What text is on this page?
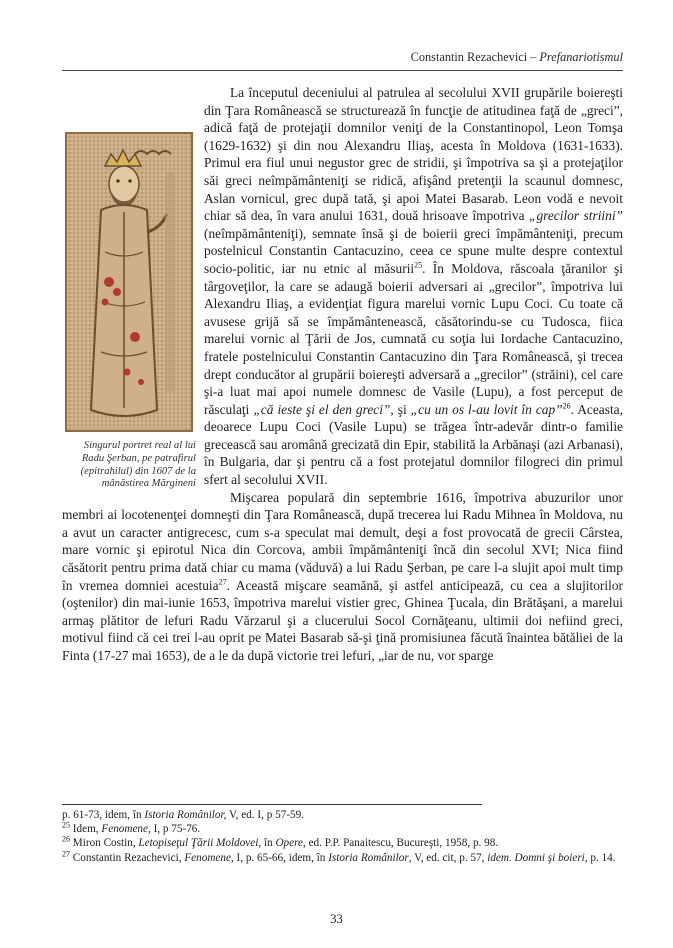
Constantin Rezachevici – Prefanariotismul
Singurul portret real al lui Radu Şerban, pe patrafirul (epitrahilul) din 1607 de la mânăstirea Mărgineni

La începutul deceniului al patrulea al secolului XVII grupările boiereşti din Ţara Românească se structurează în funcţie de atitudinea faţă de „greci”, adică faţă de protejaţii domnilor veniţi de la Constantinopol, Leon Tomşa (1629-1632) şi din nou Alexandru Iliaş, acesta în Moldova (1631-1633). Primul era fiul unui negustor grec de stridii, şi împotriva sa şi a protejaţilor săi greci neîmpământeniţi se ridică, afişând pretenţii la scaunul domnesc, Aslan vornicul, grec după tată, şi apoi Matei Basarab. Leon vodă e nevoit chiar să dea, în vara anului 1631, două hrisoave împotriva „grecilor striini” (neîmpământeniţi), semnate însă şi de boierii greci împământeniţi, precum postelnicul Constantin Cantacuzino, ceea ce spune multe despre contextul socio-politic, iar nu etnic al măsurii$^{25}$. În Moldova, răscoala ţăranilor şi târgoveţilor, la care se adaugă boierii adversari ai „grecilor”, împotriva lui Alexandru Iliaş, a evidenţiat figura marelui vornic Lupu Coci. Cu toate că avusese grijă să se împământenească, căsătorindu-se cu Tudosca, fiica marelui vornic al Ţării de Jos, cumnată cu soţia lui Iordache Cantacuzino, fratele postelnicului Constantin Cantacuzino din Ţara Românească, şi trecea drept conducător al grupării boiereşti adversară a „grecilor” (străini), cel care şi-a luat mai apoi numele domnesc de Vasile (Lupu), a fost perceput de răsculaţi „că ieste şi el den greci”, şi „cu un os l-au lovit în cap”$^{26}$. Aceasta, deoarece Lupu Coci (Vasile Lupu) se trăgea într-adevăr dintr-o familie grecească sau aromână grecizată din Epir, stabilită la Arbănaşi (azi Arbanasi), în Bulgaria, dar şi pentru că a fost protejatul domnilor filogreci din primul sfert al secolului XVII.

Mişcarea populară din septembrie 1616, împotriva abuzurilor unor membri ai locotenenţei domneşti din Ţara Românească, după trecerea lui Radu Mihnea în Moldova, nu a avut un caracter antigrecesc, cum s-a speculat mai demult, deşi a fost provocată de grecii Cârstea, mare vornic şi epirotul Nica din Corcova, ambii împământeniţi încă din secolul XVI; Nica fiind căsătorit pentru prima dată chiar cu mama (văduvă) a lui Radu Şerban, pe care l-a slujit apoi mult timp în vremea domniei acestuia$^{27}$. Această mişcare seamănă, şi astfel anticipează, cu cea a slujitorilor (oştenilor) din mai-iunie 1653, împotriva marelui vistier grec, Ghinea Ţucala, din Brătăşani, a marelui armaş plătitor de lefuri Radu Vărzarul şi a clucerului Socol Cornăţeanu, ultimii doi nefiind greci, motivul fiind că cei trei l-au oprit pe Matei Basarab să-şi ţină promisiunea făcută înaintea bătăliei de la Finta (17-27 mai 1653), de a le da după victorie trei lefuri, „iar de nu, vor sparge

p. 61-73, idem, în Istoria Românilor, V, ed. I, p 57-59.
$^{25}$ Idem, Fenomene, I, p 75-76.
$^{26}$ Miron Costin, Letopiseţul Ţării Moldovei, în Opere, ed. P.P. Panaitescu, Bucureşti, 1958, p. 98.
$^{27}$ Constantin Rezachevici, Fenomene, I, p. 65-66, idem, în Istoria Românilor, V, ed. cit, p. 57, idem. Domni şi boieri, p. 14.
33
